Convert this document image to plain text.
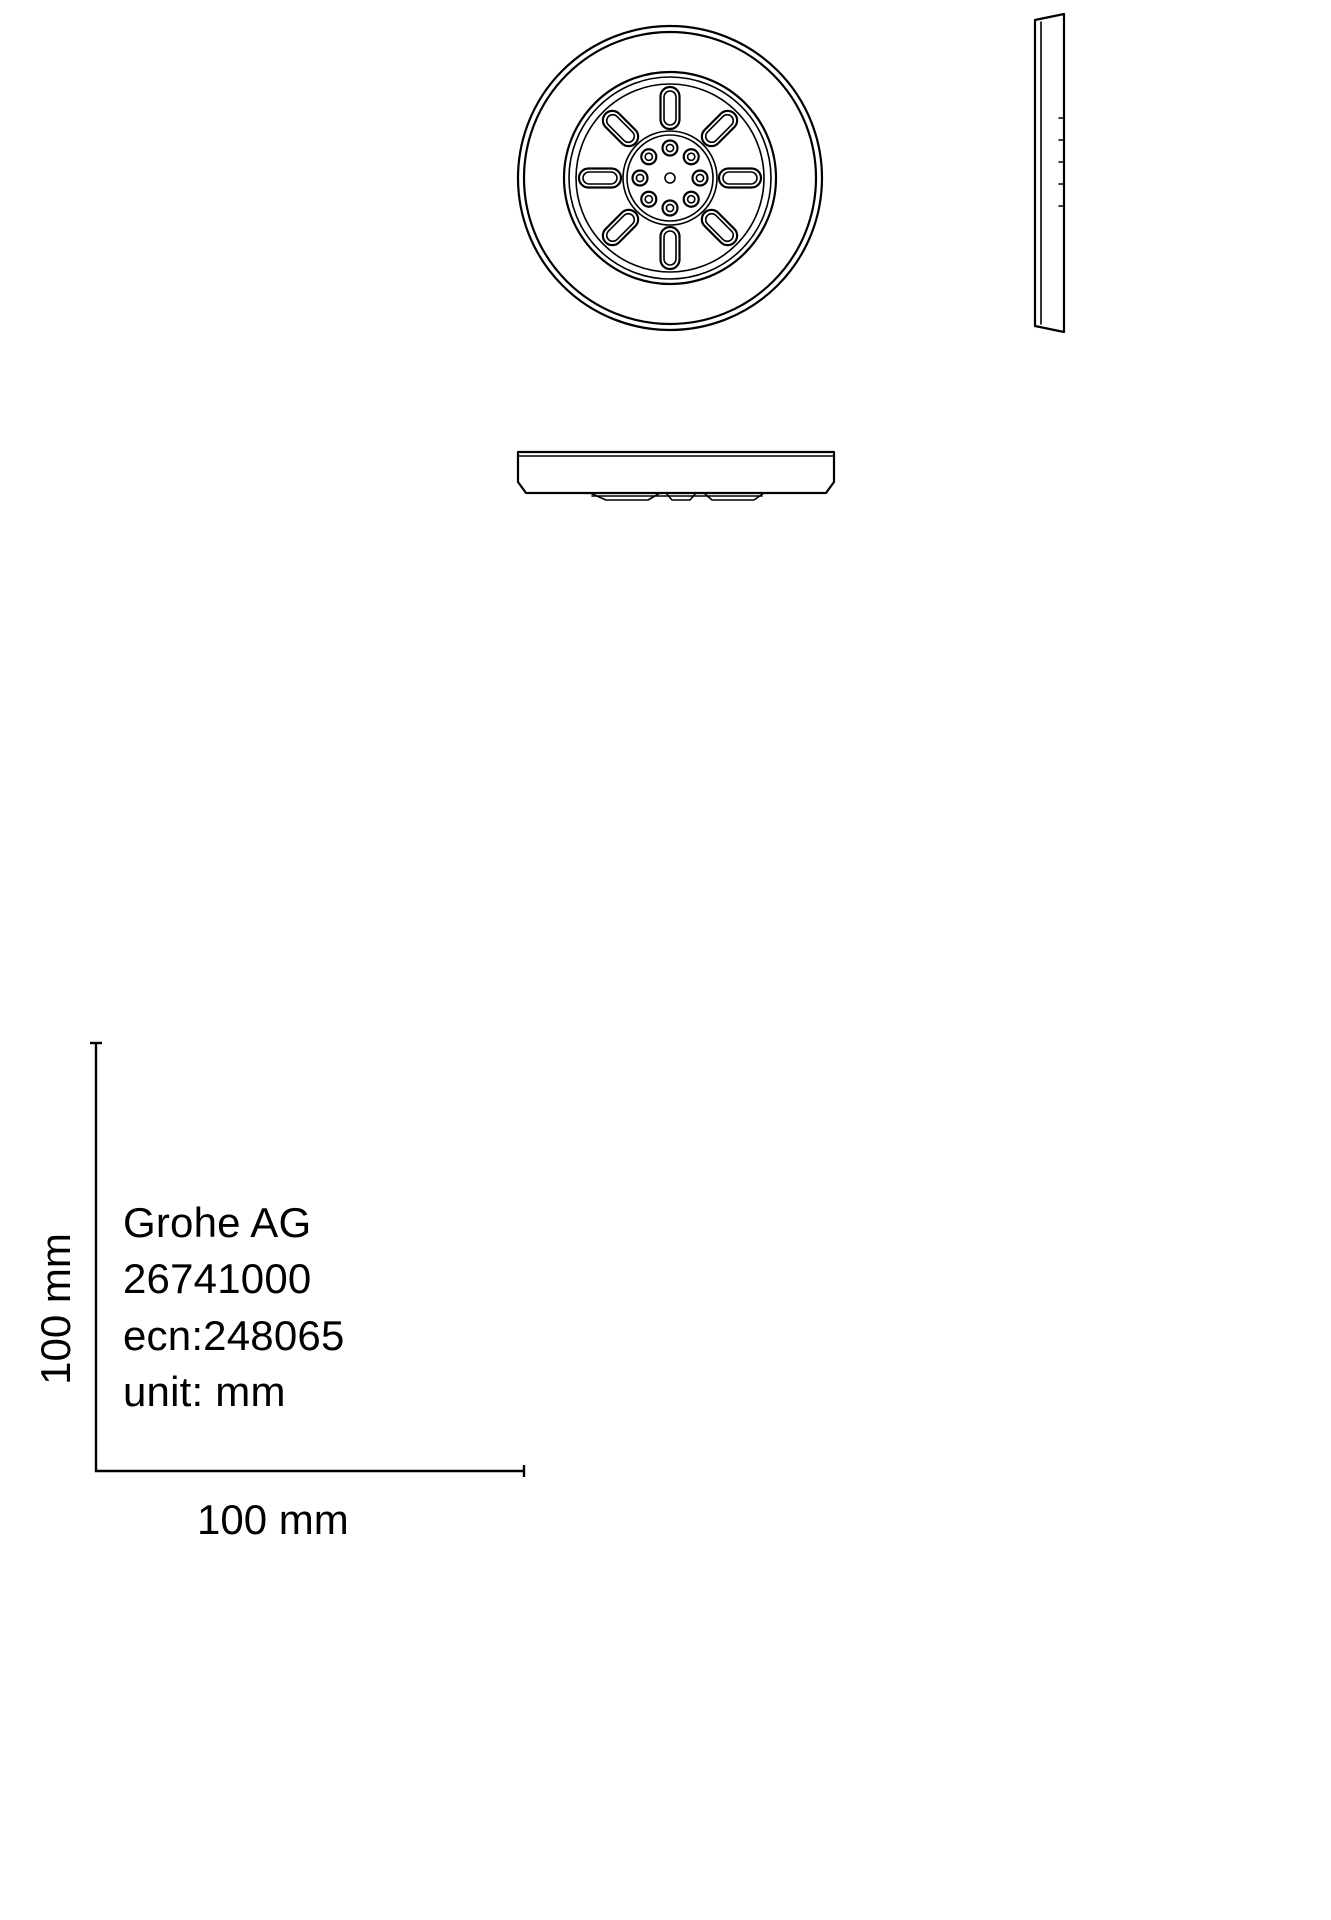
Grohe AG
26741000
ecn:248065
unit: mm
100 mm
100 mm
